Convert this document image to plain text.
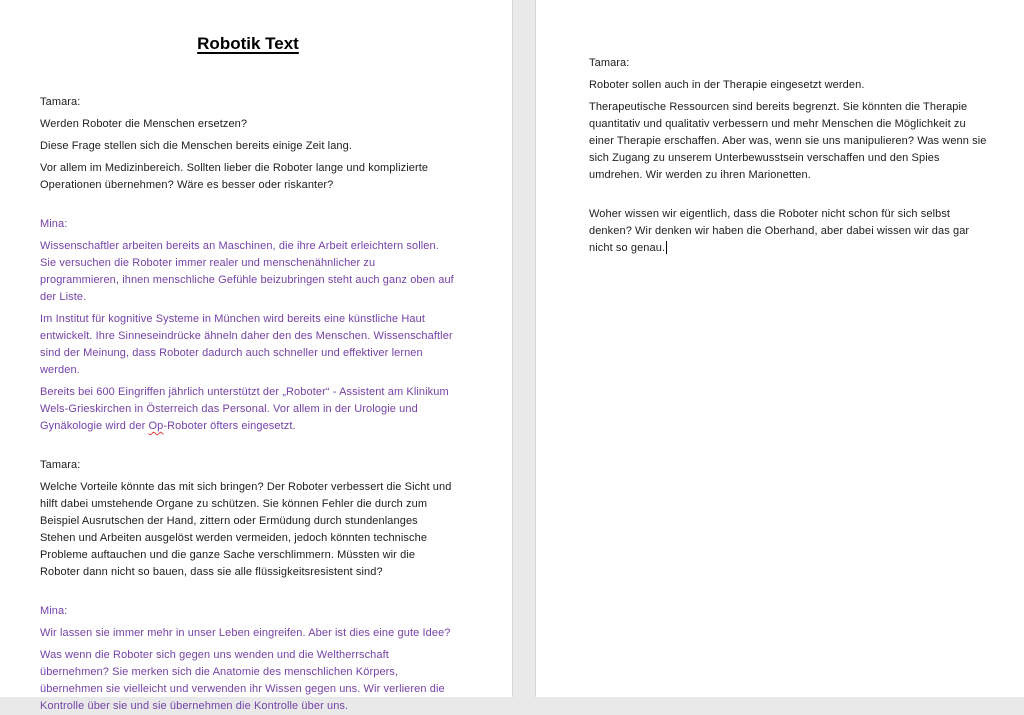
Robotik Text

Tamara:

Werden Roboter die Menschen ersetzen?

Diese Frage stellen sich die Menschen bereits einige Zeit lang.

Vor allem im Medizinbereich. Sollten lieber die Roboter lange und komplizierte Operationen übernehmen? Wäre es besser oder riskanter?

Mina:

Wissenschaftler arbeiten bereits an Maschinen, die ihre Arbeit erleichtern sollen. Sie versuchen die Roboter immer realer und menschenähnlicher zu programmieren, ihnen menschliche Gefühle beizubringen steht auch ganz oben auf der Liste.

Im Institut für kognitive Systeme in München wird bereits eine künstliche Haut entwickelt. Ihre Sinneseindrücke ähneln daher den des Menschen. Wissenschaftler sind der Meinung, dass Roboter dadurch auch schneller und effektiver lernen werden.

Bereits bei 600 Eingriffen jährlich unterstützt der „Roboter“ - Assistent am Klinikum Wels-Grieskirchen in Österreich das Personal. Vor allem in der Urologie und Gynäkologie wird der Op-Roboter öfters eingesetzt.

Tamara:

Welche Vorteile könnte das mit sich bringen? Der Roboter verbessert die Sicht und hilft dabei umstehende Organe zu schützen. Sie können Fehler die durch zum Beispiel Ausrutschen der Hand, zittern oder Ermüdung durch stundenlanges Stehen und Arbeiten ausgelöst werden vermeiden, jedoch könnten technische Probleme auftauchen und die ganze Sache verschlimmern. Müssten wir die Roboter dann nicht so bauen, dass sie alle flüssigkeitsresistent sind?

Mina:

Wir lassen sie immer mehr in unser Leben eingreifen. Aber ist dies eine gute Idee?

Was wenn die Roboter sich gegen uns wenden und die Weltherrschaft übernehmen? Sie merken sich die Anatomie des menschlichen Körpers, übernehmen sie vielleicht und verwenden ihr Wissen gegen uns. Wir verlieren die Kontrolle über sie und sie übernehmen die Kontrolle über uns.

Tamara:

Roboter sollen auch in der Therapie eingesetzt werden.

Therapeutische Ressourcen sind bereits begrenzt. Sie könnten die Therapie quantitativ und qualitativ verbessern und mehr Menschen die Möglichkeit zu einer Therapie erschaffen. Aber was, wenn sie uns manipulieren? Was wenn sie sich Zugang zu unserem Unterbewusstsein verschaffen und den Spies umdrehen. Wir werden zu ihren Marionetten.

Woher wissen wir eigentlich, dass die Roboter nicht schon für sich selbst denken? Wir denken wir haben die Oberhand, aber dabei wissen wir das gar nicht so genau.
